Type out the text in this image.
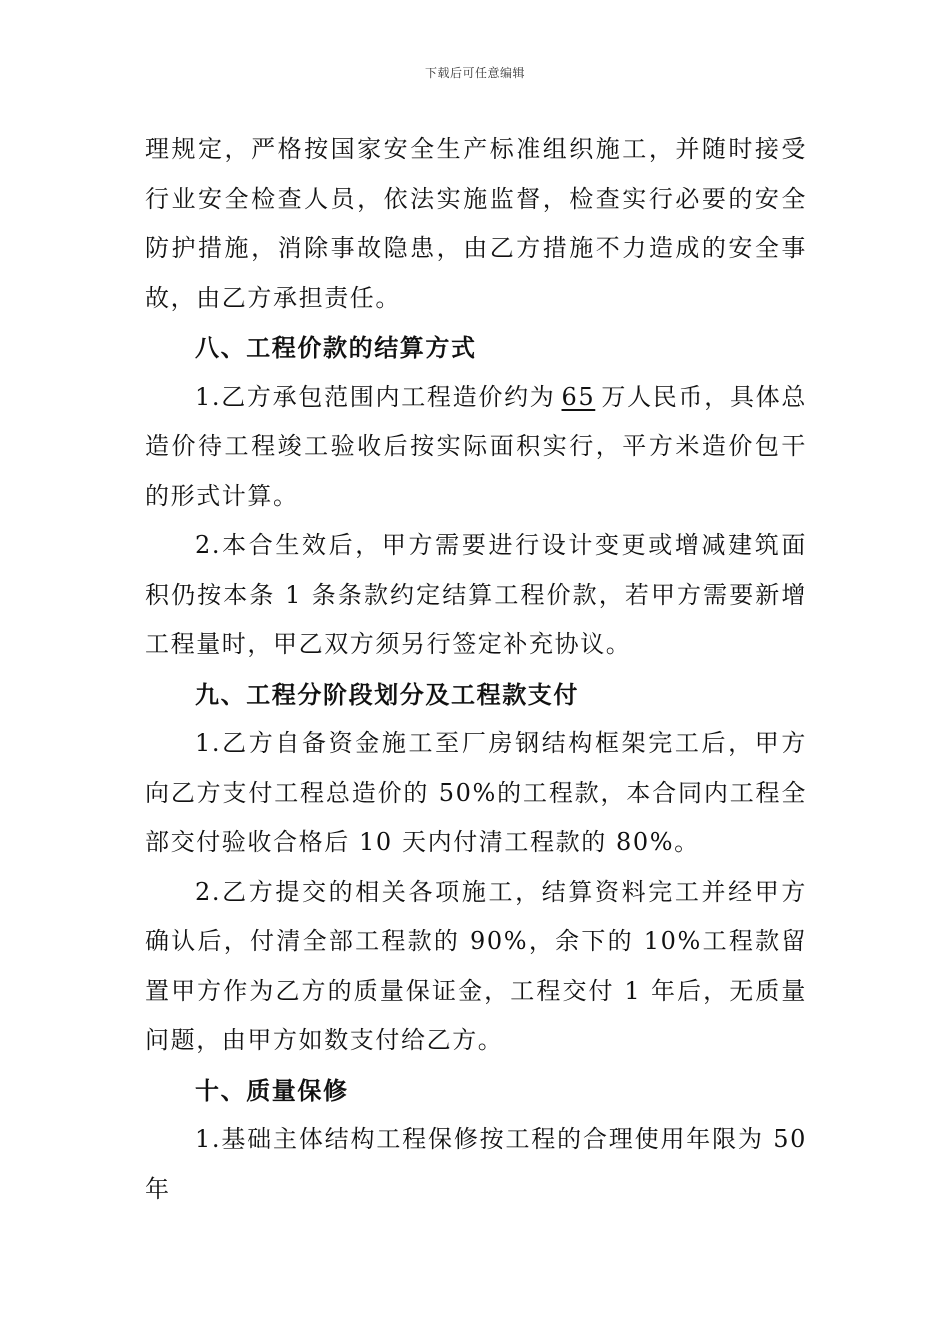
下载后可任意编辑

理规定，严格按国家安全生产标准组织施工，并随时接受行业安全检查人员，依法实施监督，检查实行必要的安全防护措施，消除事故隐患，由乙方措施不力造成的安全事故，由乙方承担责任。

八、工程价款的结算方式

1.乙方承包范围内工程造价约为 65 万人民币，具体总造价待工程竣工验收后按实际面积实行，平方米造价包干的形式计算。

2.本合生效后，甲方需要进行设计变更或增减建筑面积仍按本条 1 条条款约定结算工程价款，若甲方需要新增工程量时，甲乙双方须另行签定补充协议。

九、工程分阶段划分及工程款支付

1.乙方自备资金施工至厂房钢结构框架完工后，甲方向乙方支付工程总造价的 50%的工程款，本合同内工程全部交付验收合格后 10 天内付清工程款的 80%。

2.乙方提交的相关各项施工，结算资料完工并经甲方确认后，付清全部工程款的 90%，余下的 10%工程款留置甲方作为乙方的质量保证金，工程交付 1 年后，无质量问题，由甲方如数支付给乙方。

十、质量保修

1.基础主体结构工程保修按工程的合理使用年限为 50 年
